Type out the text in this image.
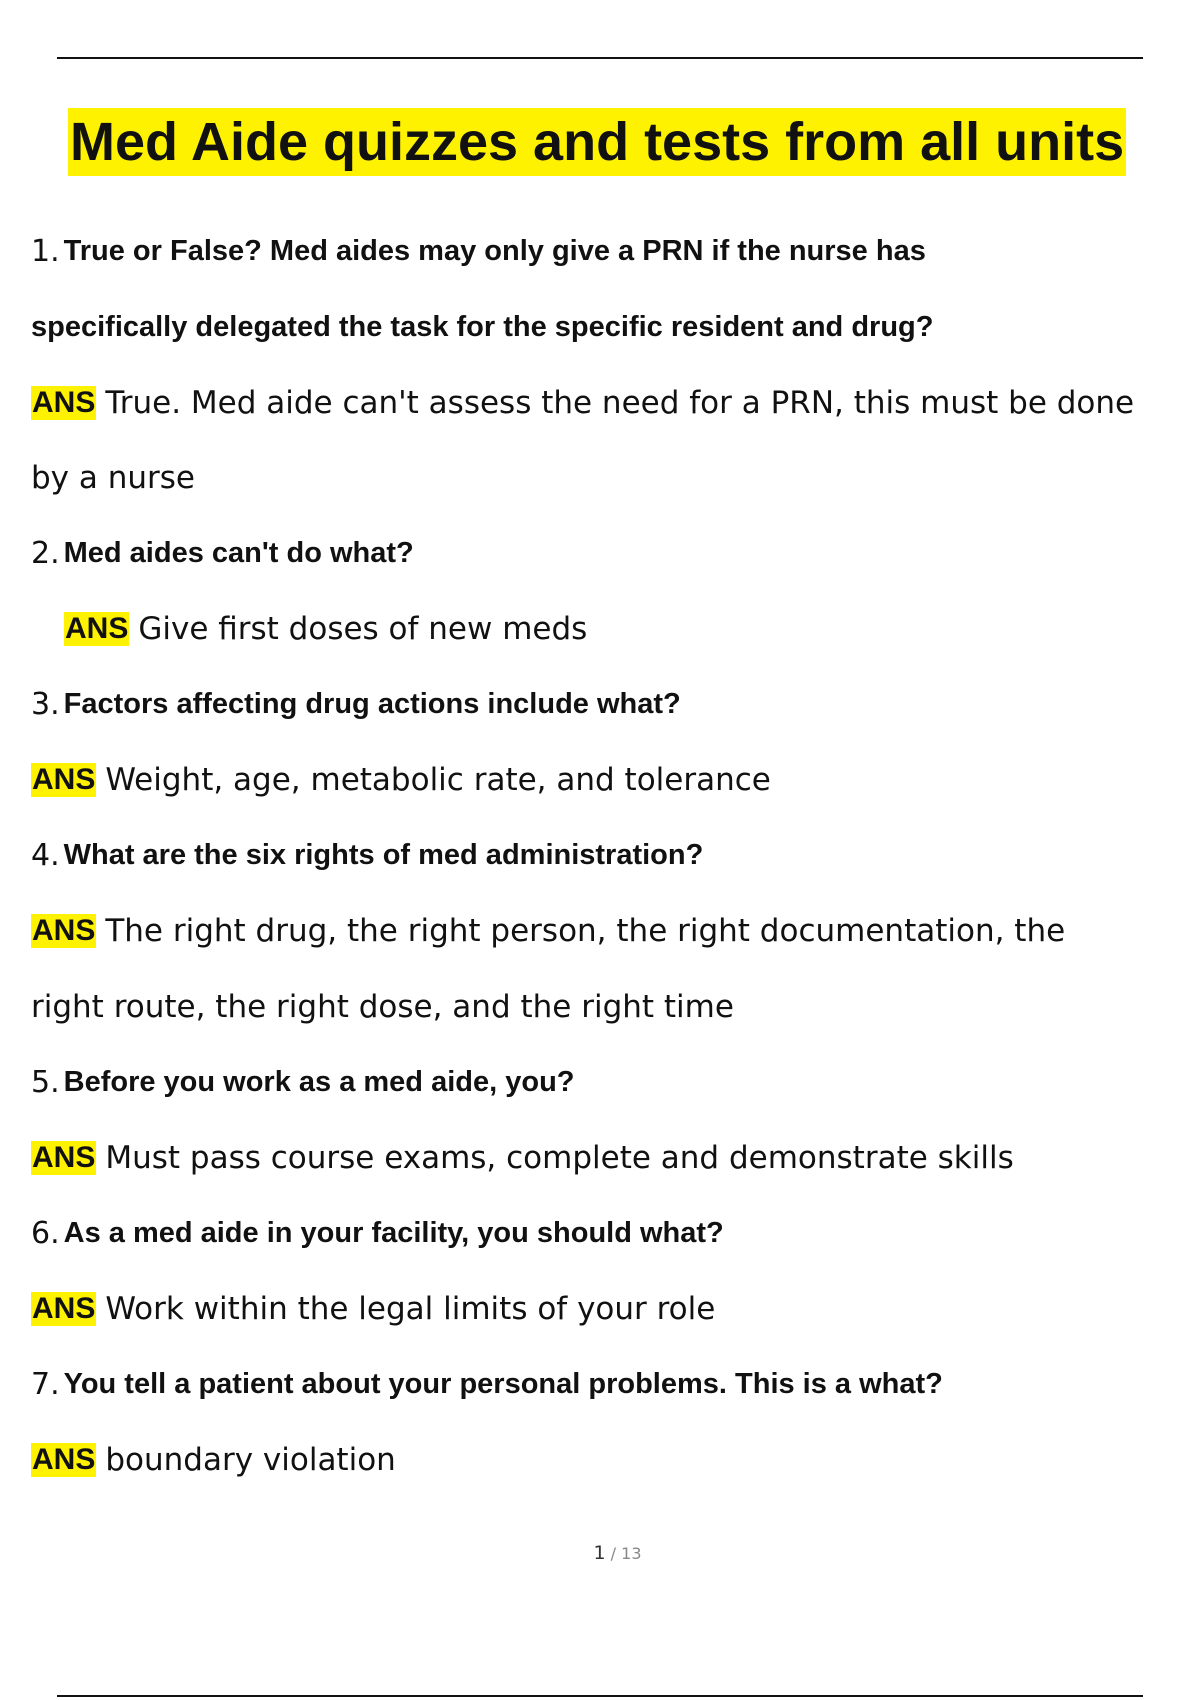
Med Aide quizzes and tests from all units
1. True or False? Med aides may only give a PRN if the nurse has
specifically delegated the task for the specific resident and drug?
ANS True. Med aide can't assess the need for a PRN, this must be done
by a nurse
2. Med aides can't do what?
ANS Give first doses of new meds
3. Factors affecting drug actions include what?
ANS Weight, age, metabolic rate, and tolerance
4. What are the six rights of med administration?
ANS The right drug, the right person, the right documentation, the
right route, the right dose, and the right time
5. Before you work as a med aide, you?
ANS Must pass course exams, complete and demonstrate skills
6. As a med aide in your facility, you should what?
ANS Work within the legal limits of your role
7. You tell a patient about your personal problems. This is a what?
ANS boundary violation
1 / 13
